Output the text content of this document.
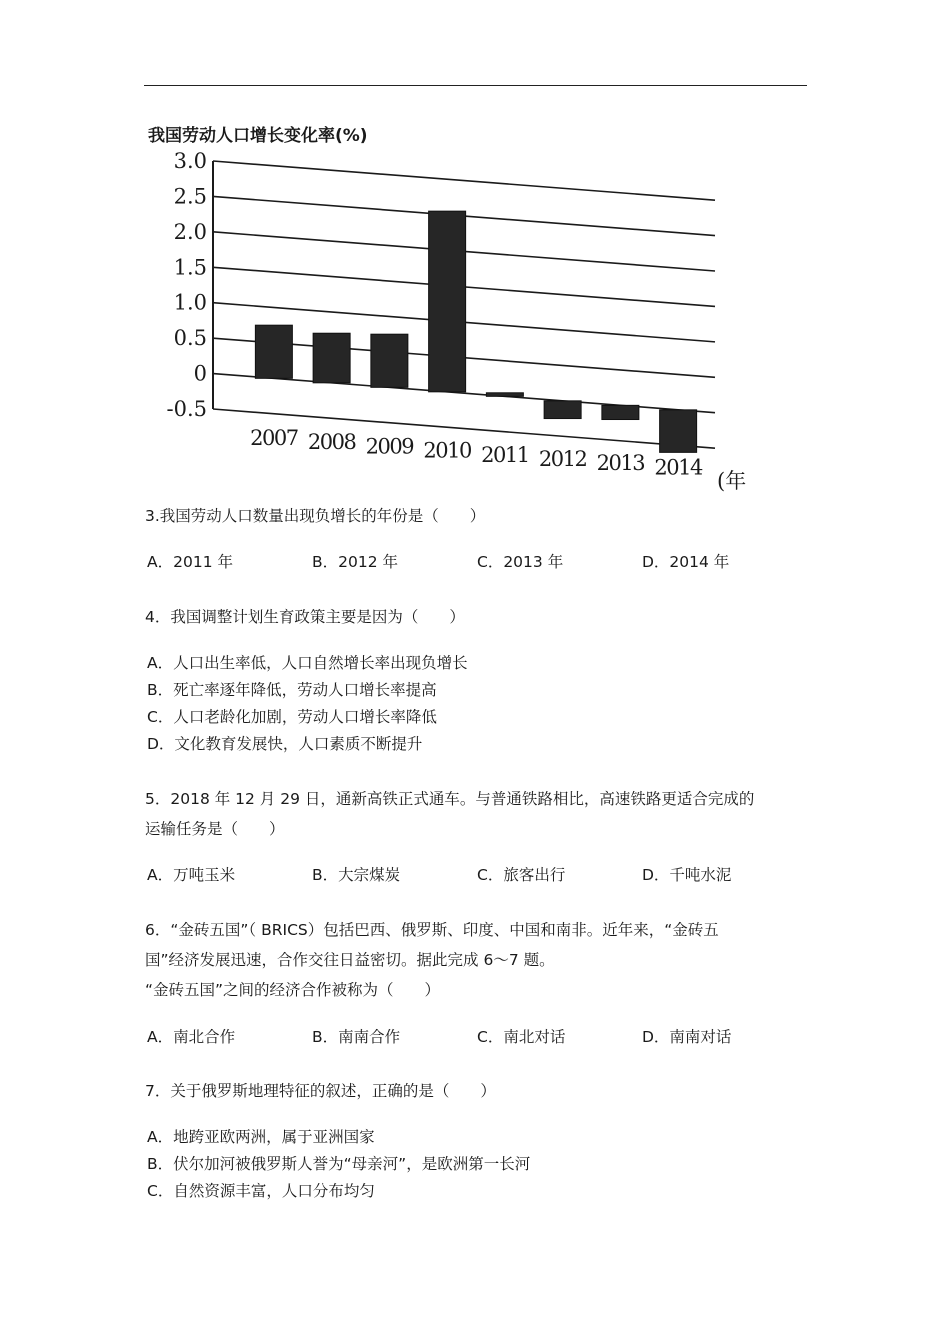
我国劳动人口增长变化率(%)
(年
3.0
2.5
2.0
1.5
1.0
0.5
0
-0.5
2007 2008 2009 2010 2011 2012 2013 2014
3.我国劳动人口数量出现负增长的年份是（　　）
A．2011 年	B．2012 年	C．2013 年	D．2014 年
4．我国调整计划生育政策主要是因为（　　）
A．人口出生率低，人口自然增长率出现负增长
B．死亡率逐年降低，劳动人口增长率提高
C．人口老龄化加剧，劳动人口增长率降低
D．文化教育发展快，人口素质不断提升
5．2018 年 12 月 29 日，通新高铁正式通车。与普通铁路相比，高速铁路更适合完成的
运输任务是（　　）
A．万吨玉米	B．大宗煤炭	C．旅客出行	D．千吨水泥
6．“金砖五国”（ BRICS）包括巴西、俄罗斯、印度、中国和南非。近年来，“金砖五
国”经济发展迅速，合作交往日益密切。据此完成 6～7 题。
“金砖五国”之间的经济合作被称为（　　）
A．南北合作	B．南南合作	C．南北对话	D．南南对话
7．关于俄罗斯地理特征的叙述，正确的是（　　）
A．地跨亚欧两洲，属于亚洲国家
B．伏尔加河被俄罗斯人誉为“母亲河”，是欧洲第一长河
C．自然资源丰富，人口分布均匀
